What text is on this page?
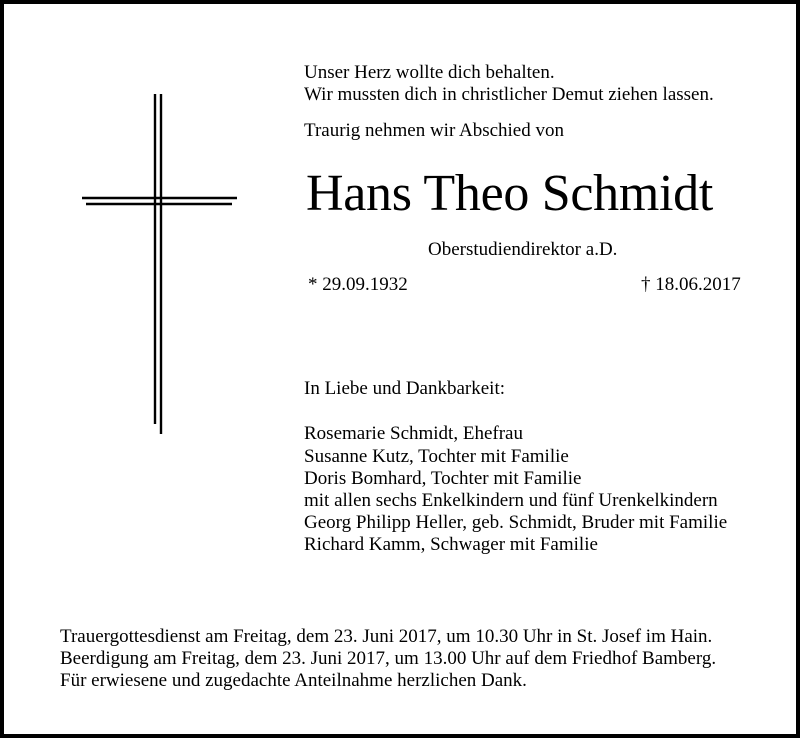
Unser Herz wollte dich behalten.
Wir mussten dich in christlicher Demut ziehen lassen.
Traurig nehmen wir Abschied von
Hans Theo Schmidt
Oberstudiendirektor a.D.
* 29.09.1932	† 18.06.2017
In Liebe und Dankbarkeit:
Rosemarie Schmidt, Ehefrau
Susanne Kutz, Tochter mit Familie
Doris Bomhard, Tochter mit Familie
mit allen sechs Enkelkindern und fünf Urenkelkindern
Georg Philipp Heller, geb. Schmidt, Bruder mit Familie
Richard Kamm, Schwager mit Familie
Trauergottesdienst am Freitag, dem 23. Juni 2017, um 10.30 Uhr in St. Josef im Hain.
Beerdigung am Freitag, dem 23. Juni 2017, um 13.00 Uhr auf dem Friedhof Bamberg.
Für erwiesene und zugedachte Anteilnahme herzlichen Dank.
